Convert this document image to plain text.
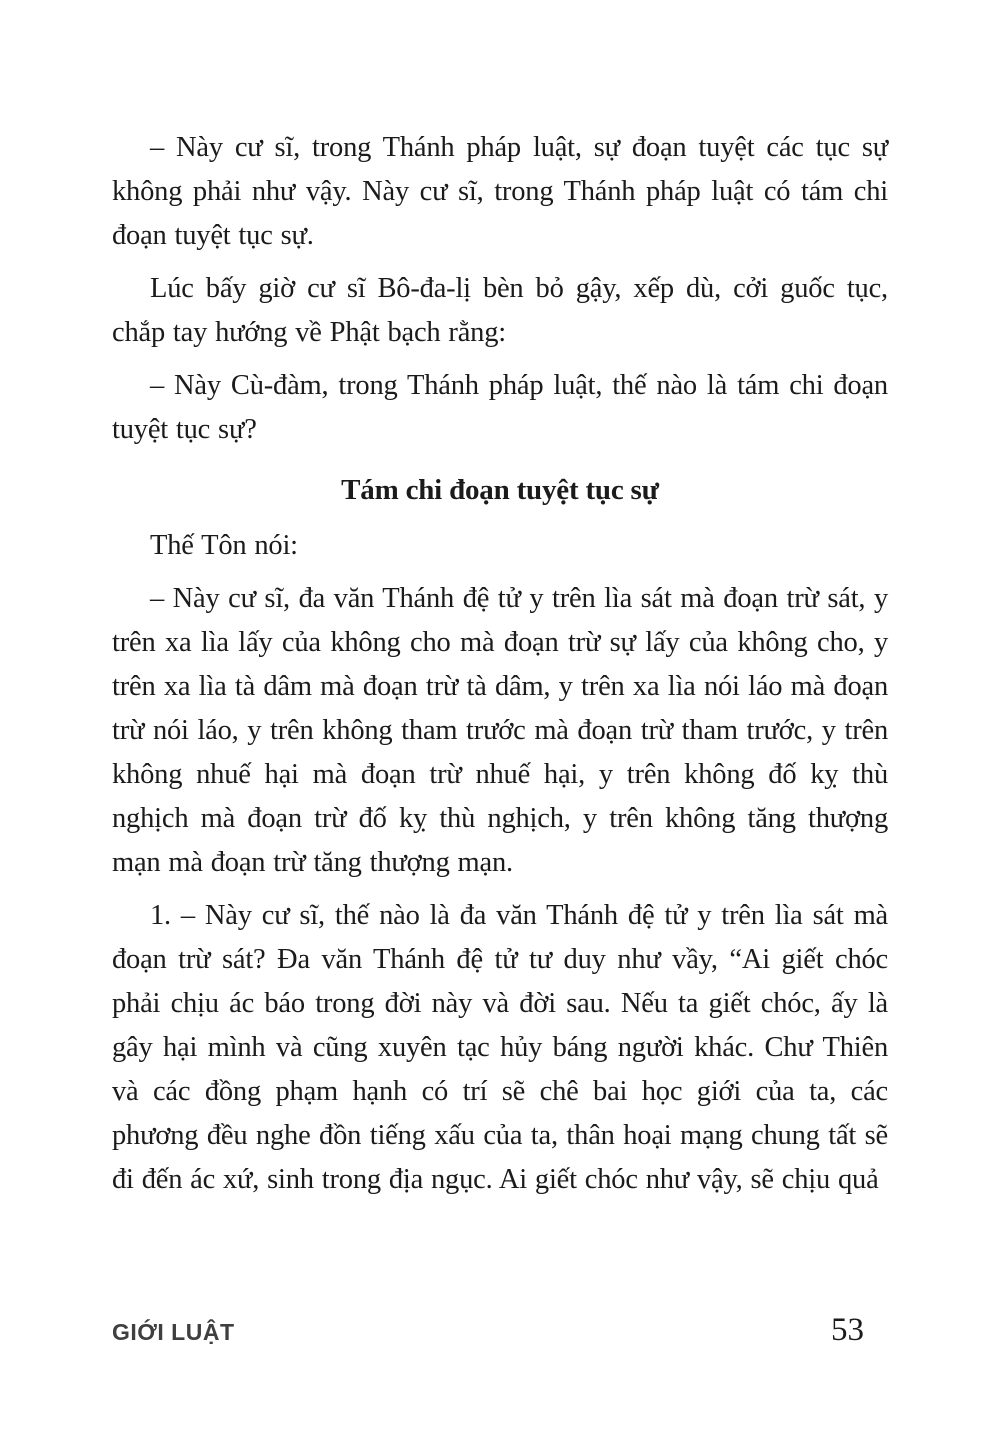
– Này cư sĩ, trong Thánh pháp luật, sự đoạn tuyệt các tục sự không phải như vậy. Này cư sĩ, trong Thánh pháp luật có tám chi đoạn tuyệt tục sự.

Lúc bấy giờ cư sĩ Bô-đa-lị bèn bỏ gậy, xếp dù, cởi guốc tục, chắp tay hướng về Phật bạch rằng:

– Này Cù-đàm, trong Thánh pháp luật, thế nào là tám chi đoạn tuyệt tục sự?

Tám chi đoạn tuyệt tục sự

Thế Tôn nói:

– Này cư sĩ, đa văn Thánh đệ tử y trên lìa sát mà đoạn trừ sát, y trên xa lìa lấy của không cho mà đoạn trừ sự lấy của không cho, y trên xa lìa tà dâm mà đoạn trừ tà dâm, y trên xa lìa nói láo mà đoạn trừ nói láo, y trên không tham trước mà đoạn trừ tham trước, y trên không nhuế hại mà đoạn trừ nhuế hại, y trên không đố kỵ thù nghịch mà đoạn trừ đố kỵ thù nghịch, y trên không tăng thượng mạn mà đoạn trừ tăng thượng mạn.

1. – Này cư sĩ, thế nào là đa văn Thánh đệ tử y trên lìa sát mà đoạn trừ sát? Đa văn Thánh đệ tử tư duy như vầy, “Ai giết chóc phải chịu ác báo trong đời này và đời sau. Nếu ta giết chóc, ấy là gây hại mình và cũng xuyên tạc hủy báng người khác. Chư Thiên và các đồng phạm hạnh có trí sẽ chê bai học giới của ta, các phương đều nghe đồn tiếng xấu của ta, thân hoại mạng chung tất sẽ đi đến ác xứ, sinh trong địa ngục. Ai giết chóc như vậy, sẽ chịu quả

GIỚI LUẬT	53
